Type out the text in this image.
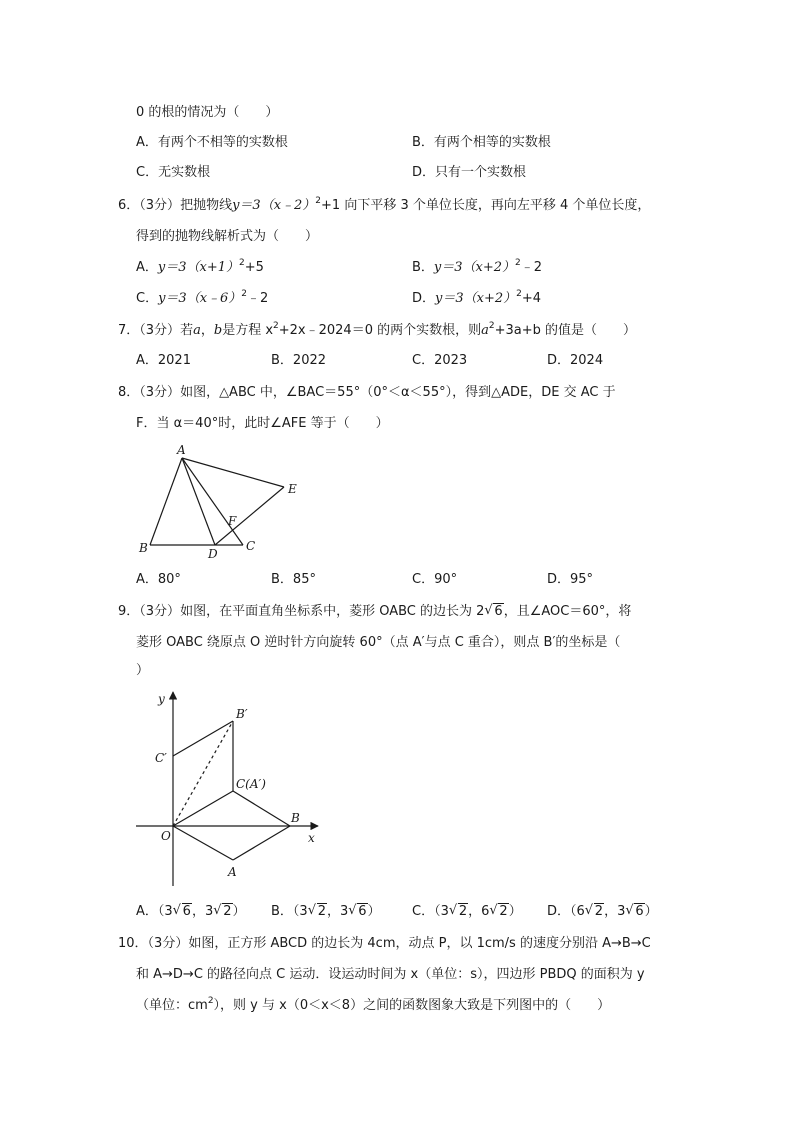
0 的根的情况为（　　）
A．有两个不相等的实数根	B．有两个相等的实数根
C．无实数根	D．只有一个实数根
6．（3分）把抛物线y＝3（x﹣2）$^2$+1 向下平移 3 个单位长度，再向左平移 4 个单位长度，
得到的抛物线解析式为（　　）
A．$y=3(x+1)^2+5$	B．$y=3(x+2)^2﹣2$
C．y＝3（x﹣6）$^2$﹣2	D．$y=3(x+2)^2+4$
7．（3分）若a，b是方程 $x^2+2x﹣2024=0$ 的两个实数根，则$a^2+3a+b$ 的值是（　　）
A．2021	B．2022	C．2023	D．2024
8．（3分）如图，△ABC 中，∠BAC＝55°（0°＜α＜55°），得到△ADE，DE 交 AC 于
F．当 α＝40°时，此时∠AFE 等于（　　）
A
B	C
D
E
F
A．80°	B．85°	C．90°	D．95°
9．（3分）如图，在平面直角坐标系中，菱形 OABC 的边长为 2 √ 6，且∠AOC＝60°，将
菱形 OABC 绕原点 O 逆时针方向旋转 60°（点 A′与点 C 重合），则点 B′的坐标是（
）
y
B′
C′
C(A′)
B
O	x
A
A．（3 √ 6，3 √ 2） B．（3 √ 2，3 √ 6） C．（3 √ 2，6 √ 2） D．（6 √ 2，3 √ 6）
10．（3分）如图，正方形 ABCD 的边长为 4cm，动点 P，以 1cm/s 的速度分别沿 A→B→C
和 A→D→C 的路径向点 C 运动．设运动时间为 x（单位：s），四边形 PBDQ 的面积为 y
（单位：$cm^2$），则 y 与 x（0＜x＜8）之间的函数图象大致是下列图中的（　　）
